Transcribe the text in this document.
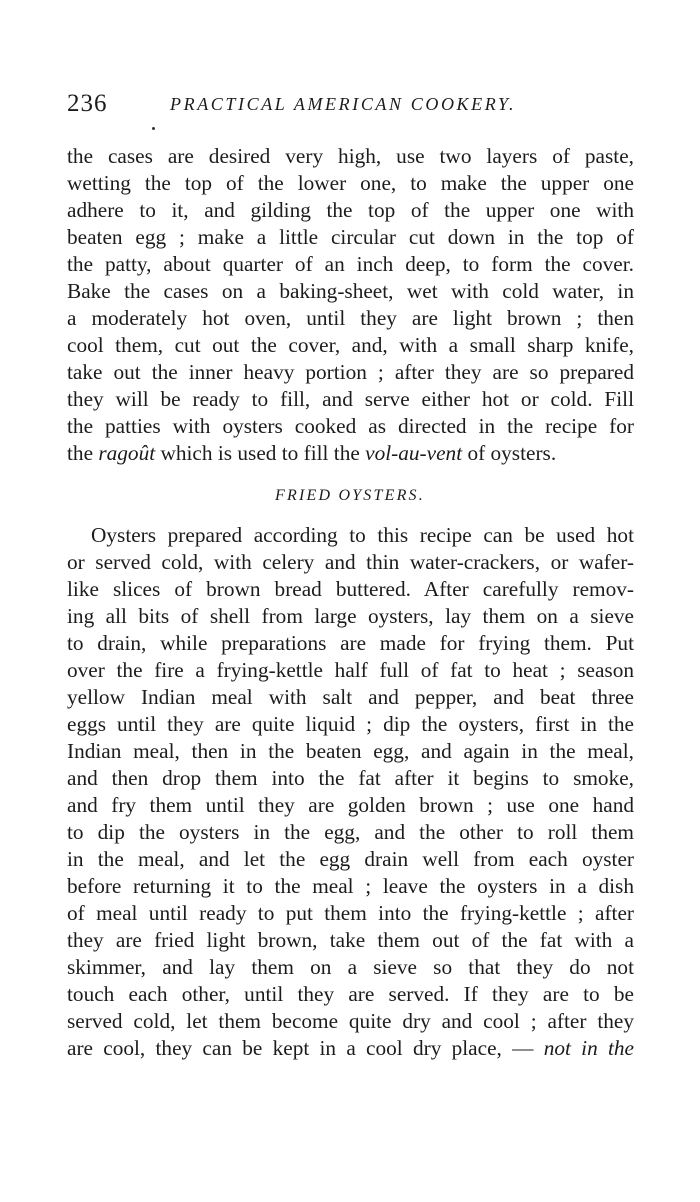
236	PRACTICAL AMERICAN COOKERY.
the cases are desired very high, use two layers of paste,
wetting the top of the lower one, to make the upper one
adhere to it, and gilding the top of the upper one with
beaten egg ; make a little circular cut down in the top of
the patty, about quarter of an inch deep, to form the cover.
Bake the cases on a baking-sheet, wet with cold water, in
a moderately hot oven, until they are light brown ; then
cool them, cut out the cover, and, with a small sharp knife,
take out the inner heavy portion ; after they are so prepared
they will be ready to fill, and serve either hot or cold. Fill
the patties with oysters cooked as directed in the recipe for
the ragoût which is used to fill the vol-au-vent of oysters.
FRIED OYSTERS.
Oysters prepared according to this recipe can be used hot
or served cold, with celery and thin water-crackers, or wafer-
like slices of brown bread buttered. After carefully remov-
ing all bits of shell from large oysters, lay them on a sieve
to drain, while preparations are made for frying them. Put
over the fire a frying-kettle half full of fat to heat ; season
yellow Indian meal with salt and pepper, and beat three
eggs until they are quite liquid ; dip the oysters, first in the
Indian meal, then in the beaten egg, and again in the meal,
and then drop them into the fat after it begins to smoke,
and fry them until they are golden brown ; use one hand
to dip the oysters in the egg, and the other to roll them
in the meal, and let the egg drain well from each oyster
before returning it to the meal ; leave the oysters in a dish
of meal until ready to put them into the frying-kettle ; after
they are fried light brown, take them out of the fat with a
skimmer, and lay them on a sieve so that they do not
touch each other, until they are served. If they are to be
served cold, let them become quite dry and cool ; after they
are cool, they can be kept in a cool dry place, — not in the
